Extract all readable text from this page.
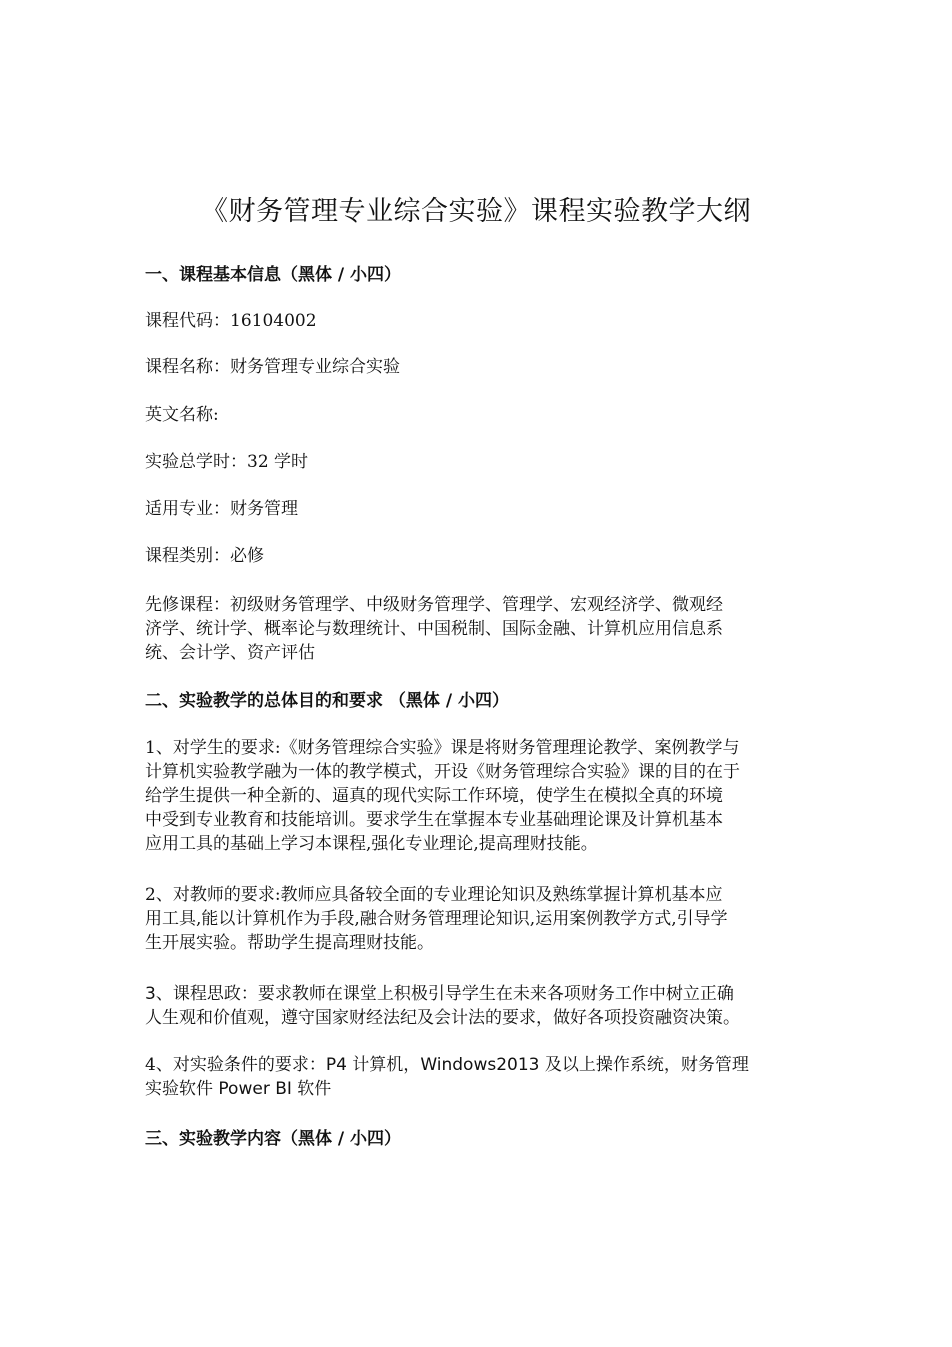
《财务管理专业综合实验》课程实验教学大纲
一、课程基本信息（黑体 / 小四）

课程代码：16104002

课程名称：财务管理专业综合实验

英文名称:

实验总学时：32 学时

适用专业：财务管理

课程类别：必修

先修课程：初级财务管理学、中级财务管理学、管理学、宏观经济学、微观经
济学、统计学、概率论与数理统计、中国税制、国际金融、计算机应用信息系
统、会计学、资产评估
二、实验教学的总体目的和要求 （黑体 / 小四）
1、对学生的要求:《财务管理综合实验》课是将财务管理理论教学、案例教学与
计算机实验教学融为一体的教学模式，开设《财务管理综合实验》课的目的在于
给学生提供一种全新的、逼真的现代实际工作环境，使学生在模拟全真的环境
中受到专业教育和技能培训。要求学生在掌握本专业基础理论课及计算机基本
应用工具的基础上学习本课程,强化专业理论,提高理财技能。
2、对教师的要求:教师应具备较全面的专业理论知识及熟练掌握计算机基本应
用工具,能以计算机作为手段,融合财务管理理论知识,运用案例教学方式,引导学
生开展实验。帮助学生提高理财技能。
3、课程思政：要求教师在课堂上积极引导学生在未来各项财务工作中树立正确
人生观和价值观，遵守国家财经法纪及会计法的要求，做好各项投资融资决策。
4、对实验条件的要求：P4 计算机，Windows2013 及以上操作系统，财务管理
实验软件 Power BI 软件
三、实验教学内容（黑体 / 小四）
